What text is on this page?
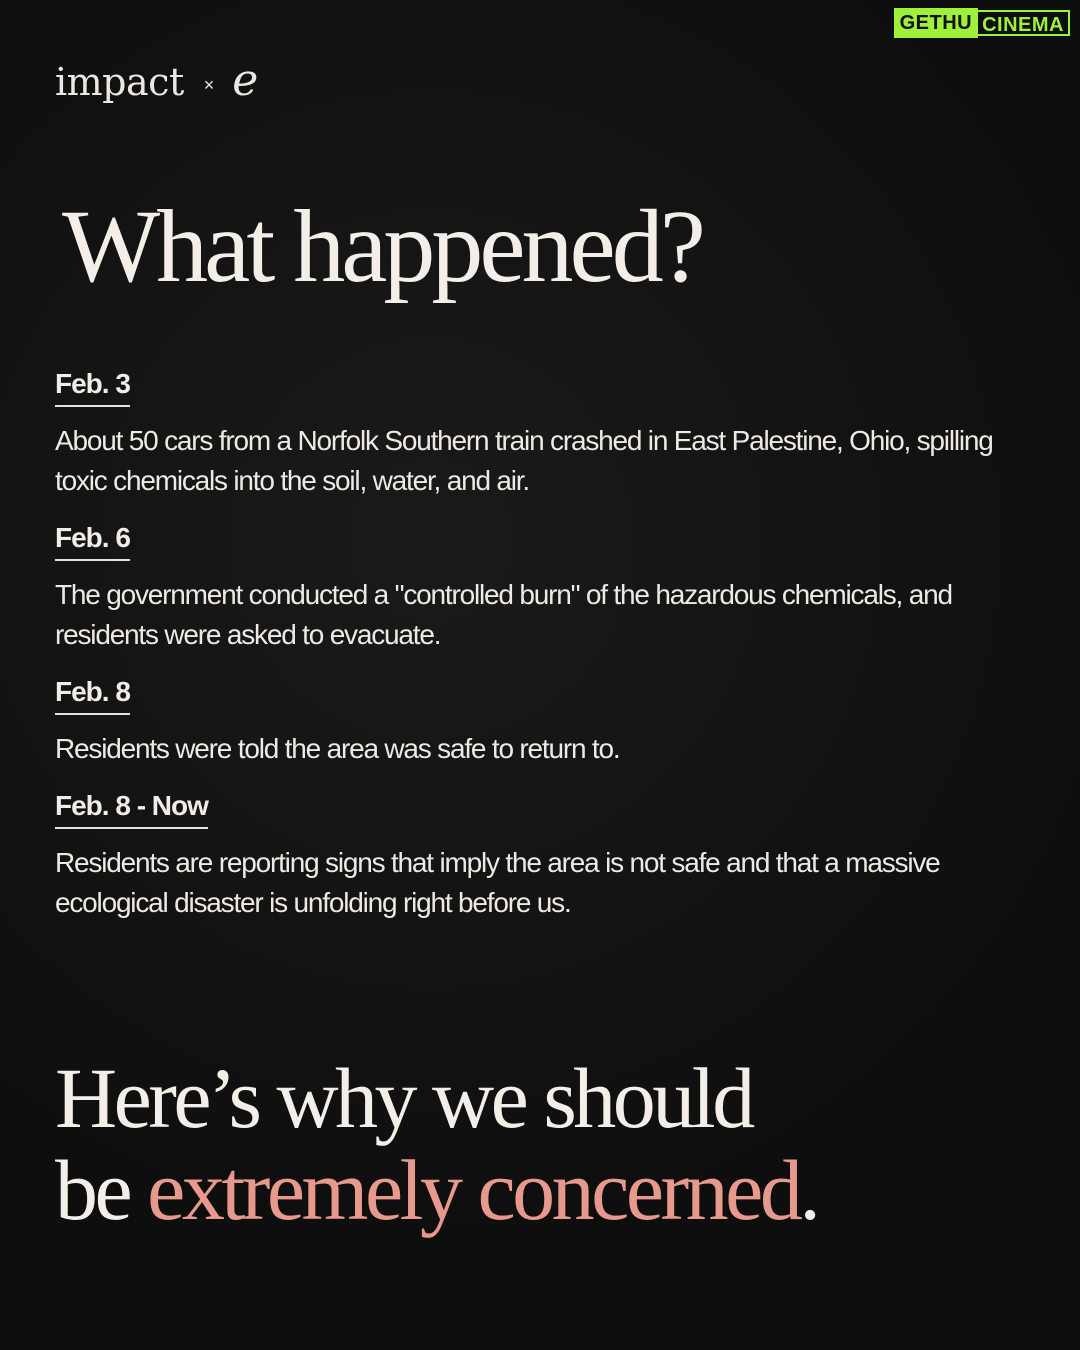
GETHU CINEMA
impact × e
What happened?
Feb. 3

About 50 cars from a Norfolk Southern train crashed in East Palestine, Ohio, spilling toxic chemicals into the soil, water, and air.

Feb. 6

The government conducted a "controlled burn" of the hazardous chemicals, and residents were asked to evacuate.

Feb. 8

Residents were told the area was safe to return to.

Feb. 8 - Now

Residents are reporting signs that imply the area is not safe and that a massive ecological disaster is unfolding right before us.

Here’s why we should
be extremely concerned.
